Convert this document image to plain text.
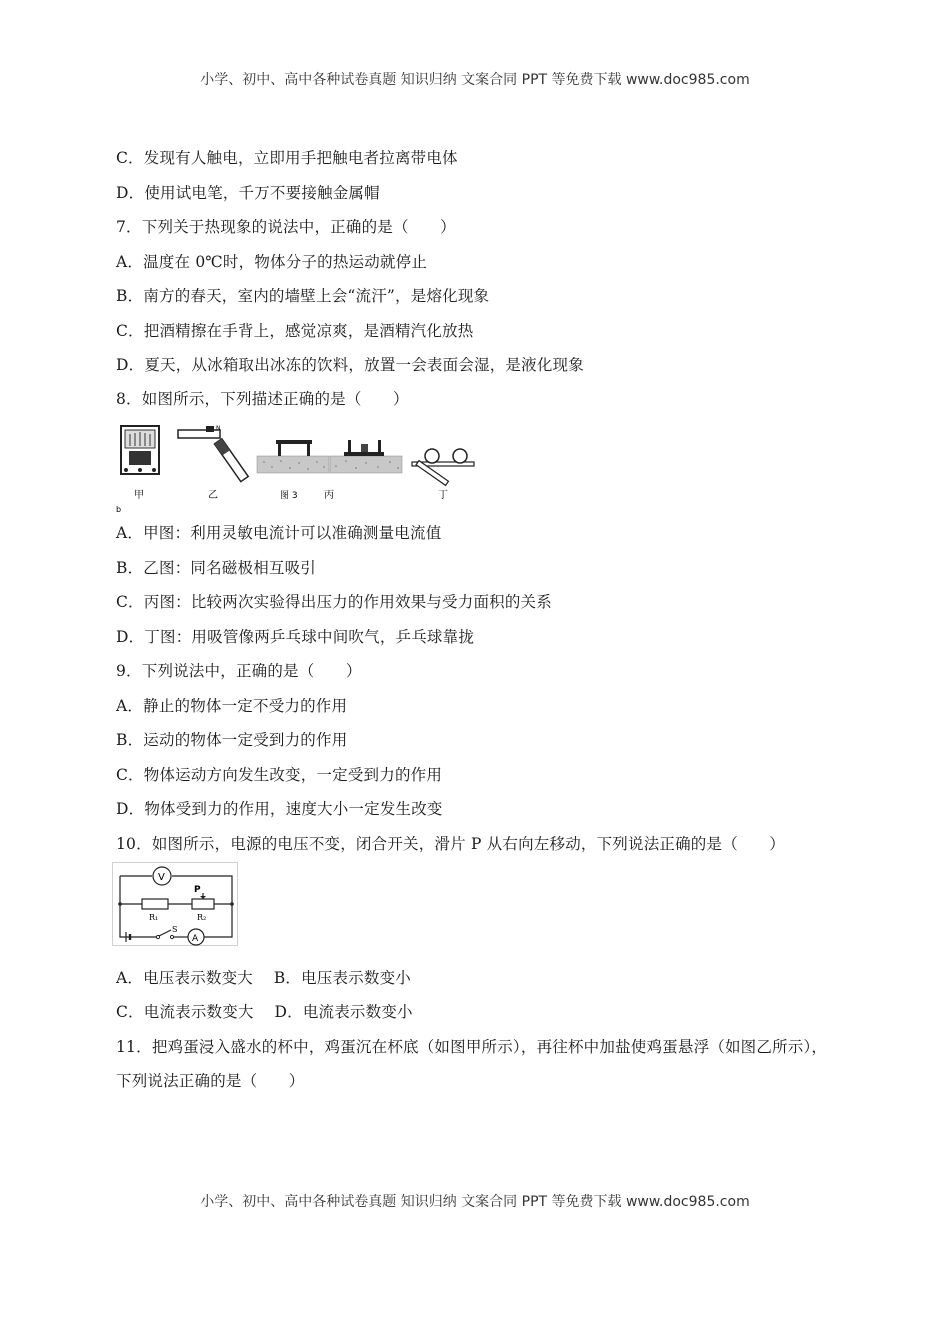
小学、初中、高中各种试卷真题 知识归纳 文案合同 PPT 等免费下载 www.doc985.com
C．发现有人触电，立即用手把触电者拉离带电体
D．使用试电笔，千万不要接触金属帽
7．下列关于热现象的说法中，正确的是（　　）
A．温度在 0℃时，物体分子的热运动就停止
B．南方的春天，室内的墙壁上会“流汗”，是熔化现象
C．把酒精擦在手背上，感觉凉爽，是酒精汽化放热
D．夏天，从冰箱取出冰冻的饮料，放置一会表面会湿，是液化现象
8．如图所示，下列描述正确的是（　　）
N
甲	乙	图 3	丙	丁
b
A．甲图：利用灵敏电流计可以准确测量电流值
B．乙图：同名磁极相互吸引
C．丙图：比较两次实验得出压力的作用效果与受力面积的关系
D．丁图：用吸管像两乒乓球中间吹气，乒乓球靠拢
9．下列说法中，正确的是（　　）
A．静止的物体一定不受力的作用
B．运动的物体一定受到力的作用
C．物体运动方向发生改变，一定受到力的作用
D．物体受到力的作用，速度大小一定发生改变
10．如图所示，电源的电压不变，闭合开关，滑片 P 从右向左移动，下列说法正确的是（　　）
V
R₁	R₂
P
S
A
A．电压表示数变大　 B．电压表示数变小
C．电流表示数变大　 D．电流表示数变小
11．把鸡蛋浸入盛水的杯中，鸡蛋沉在杯底（如图甲所示），再往杯中加盐使鸡蛋悬浮（如图乙所示），
下列说法正确的是（　　）
小学、初中、高中各种试卷真题 知识归纳 文案合同 PPT 等免费下载 www.doc985.com
